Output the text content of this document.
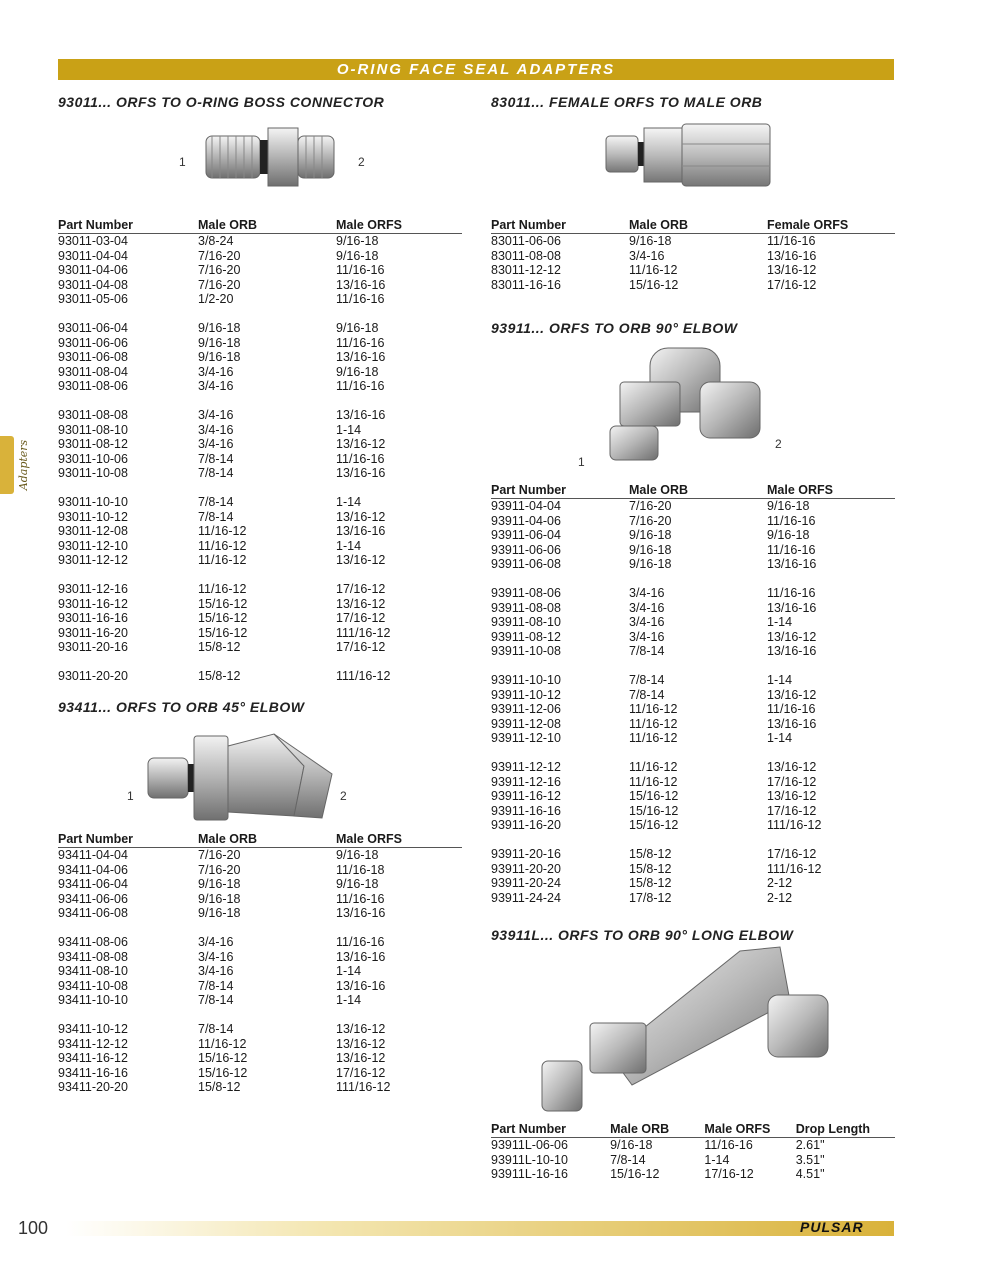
O-RING FACE SEAL ADAPTERS
Adapters
93011... ORFS TO O-RING BOSS CONNECTOR
1	2
Part Number	Male ORB	Male ORFS
93011-03-04	3/8-24	9/16-18
93011-04-04	7/16-20	9/16-18
93011-04-06	7/16-20	11/16-16
93011-04-08	7/16-20	13/16-16
93011-05-06	1/2-20	11/16-16
93011-06-04	9/16-18	9/16-18
93011-06-06	9/16-18	11/16-16
93011-06-08	9/16-18	13/16-16
93011-08-04	3/4-16	9/16-18
93011-08-06	3/4-16	11/16-16
93011-08-08	3/4-16	13/16-16
93011-08-10	3/4-16	1-14
93011-08-12	3/4-16	13/16-12
93011-10-06	7/8-14	11/16-16
93011-10-08	7/8-14	13/16-16
93011-10-10	7/8-14	1-14
93011-10-12	7/8-14	13/16-12
93011-12-08	11/16-12	13/16-16
93011-12-10	11/16-12	1-14
93011-12-12	11/16-12	13/16-12
93011-12-16	11/16-12	17/16-12
93011-16-12	15/16-12	13/16-12
93011-16-16	15/16-12	17/16-12
93011-16-20	15/16-12	111/16-12
93011-20-16	15/8-12	17/16-12
93011-20-20	15/8-12	111/16-12
93411... ORFS TO ORB 45° ELBOW
1	2
Part Number	Male ORB	Male ORFS
93411-04-04	7/16-20	9/16-18
93411-04-06	7/16-20	11/16-18
93411-06-04	9/16-18	9/16-18
93411-06-06	9/16-18	11/16-16
93411-06-08	9/16-18	13/16-16
93411-08-06	3/4-16	11/16-16
93411-08-08	3/4-16	13/16-16
93411-08-10	3/4-16	1-14
93411-10-08	7/8-14	13/16-16
93411-10-10	7/8-14	1-14
93411-10-12	7/8-14	13/16-12
93411-12-12	11/16-12	13/16-12
93411-16-12	15/16-12	13/16-12
93411-16-16	15/16-12	17/16-12
93411-20-20	15/8-12	111/16-12
83011... FEMALE ORFS TO MALE ORB
Part Number	Male ORB	Female ORFS
83011-06-06	9/16-18	11/16-16
83011-08-08	3/4-16	13/16-16
83011-12-12	11/16-12	13/16-12
83011-16-16	15/16-12	17/16-12
93911... ORFS TO ORB 90° ELBOW
1
2
Part Number	Male ORB	Male ORFS
93911-04-04	7/16-20	9/16-18
93911-04-06	7/16-20	11/16-16
93911-06-04	9/16-18	9/16-18
93911-06-06	9/16-18	11/16-16
93911-06-08	9/16-18	13/16-16
93911-08-06	3/4-16	11/16-16
93911-08-08	3/4-16	13/16-16
93911-08-10	3/4-16	1-14
93911-08-12	3/4-16	13/16-12
93911-10-08	7/8-14	13/16-16
93911-10-10	7/8-14	1-14
93911-10-12	7/8-14	13/16-12
93911-12-06	11/16-12	11/16-16
93911-12-08	11/16-12	13/16-16
93911-12-10	11/16-12	1-14
93911-12-12	11/16-12	13/16-12
93911-12-16	11/16-12	17/16-12
93911-16-12	15/16-12	13/16-12
93911-16-16	15/16-12	17/16-12
93911-16-20	15/16-12	111/16-12
93911-20-16	15/8-12	17/16-12
93911-20-20	15/8-12	111/16-12
93911-20-24	15/8-12	2-12
93911-24-24	17/8-12	2-12
93911L... ORFS TO ORB 90° LONG ELBOW
Part Number	Male ORB	Male ORFS	Drop Length
93911L-06-06	9/16-18	11/16-16	2.61"
93911L-10-10	7/8-14	1-14	3.51"
93911L-16-16	15/16-12	17/16-12	4.51"
100	PULSAR
